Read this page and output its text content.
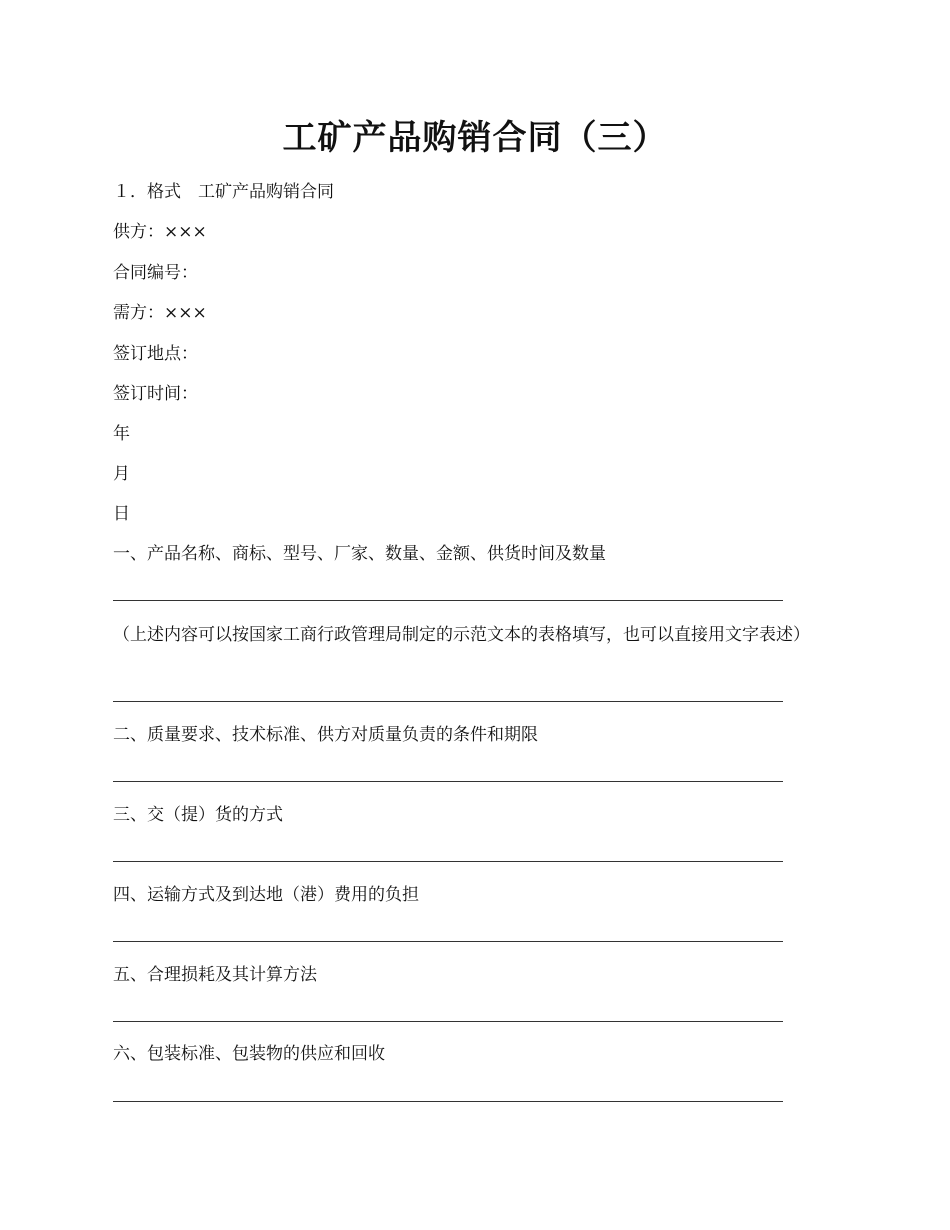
工矿产品购销合同（三）

１．格式　工矿产品购销合同

供方：×××

合同编号：

需方：×××

签订地点：

签订时间：

年

月

日

一、产品名称、商标、型号、厂家、数量、金额、供货时间及数量

（上述内容可以按国家工商行政管理局制定的示范文本的表格填写，也可以直接用文字表述）

二、质量要求、技术标准、供方对质量负责的条件和期限

三、交（提）货的方式

四、运输方式及到达地（港）费用的负担

五、合理损耗及其计算方法

六、包装标准、包装物的供应和回收
